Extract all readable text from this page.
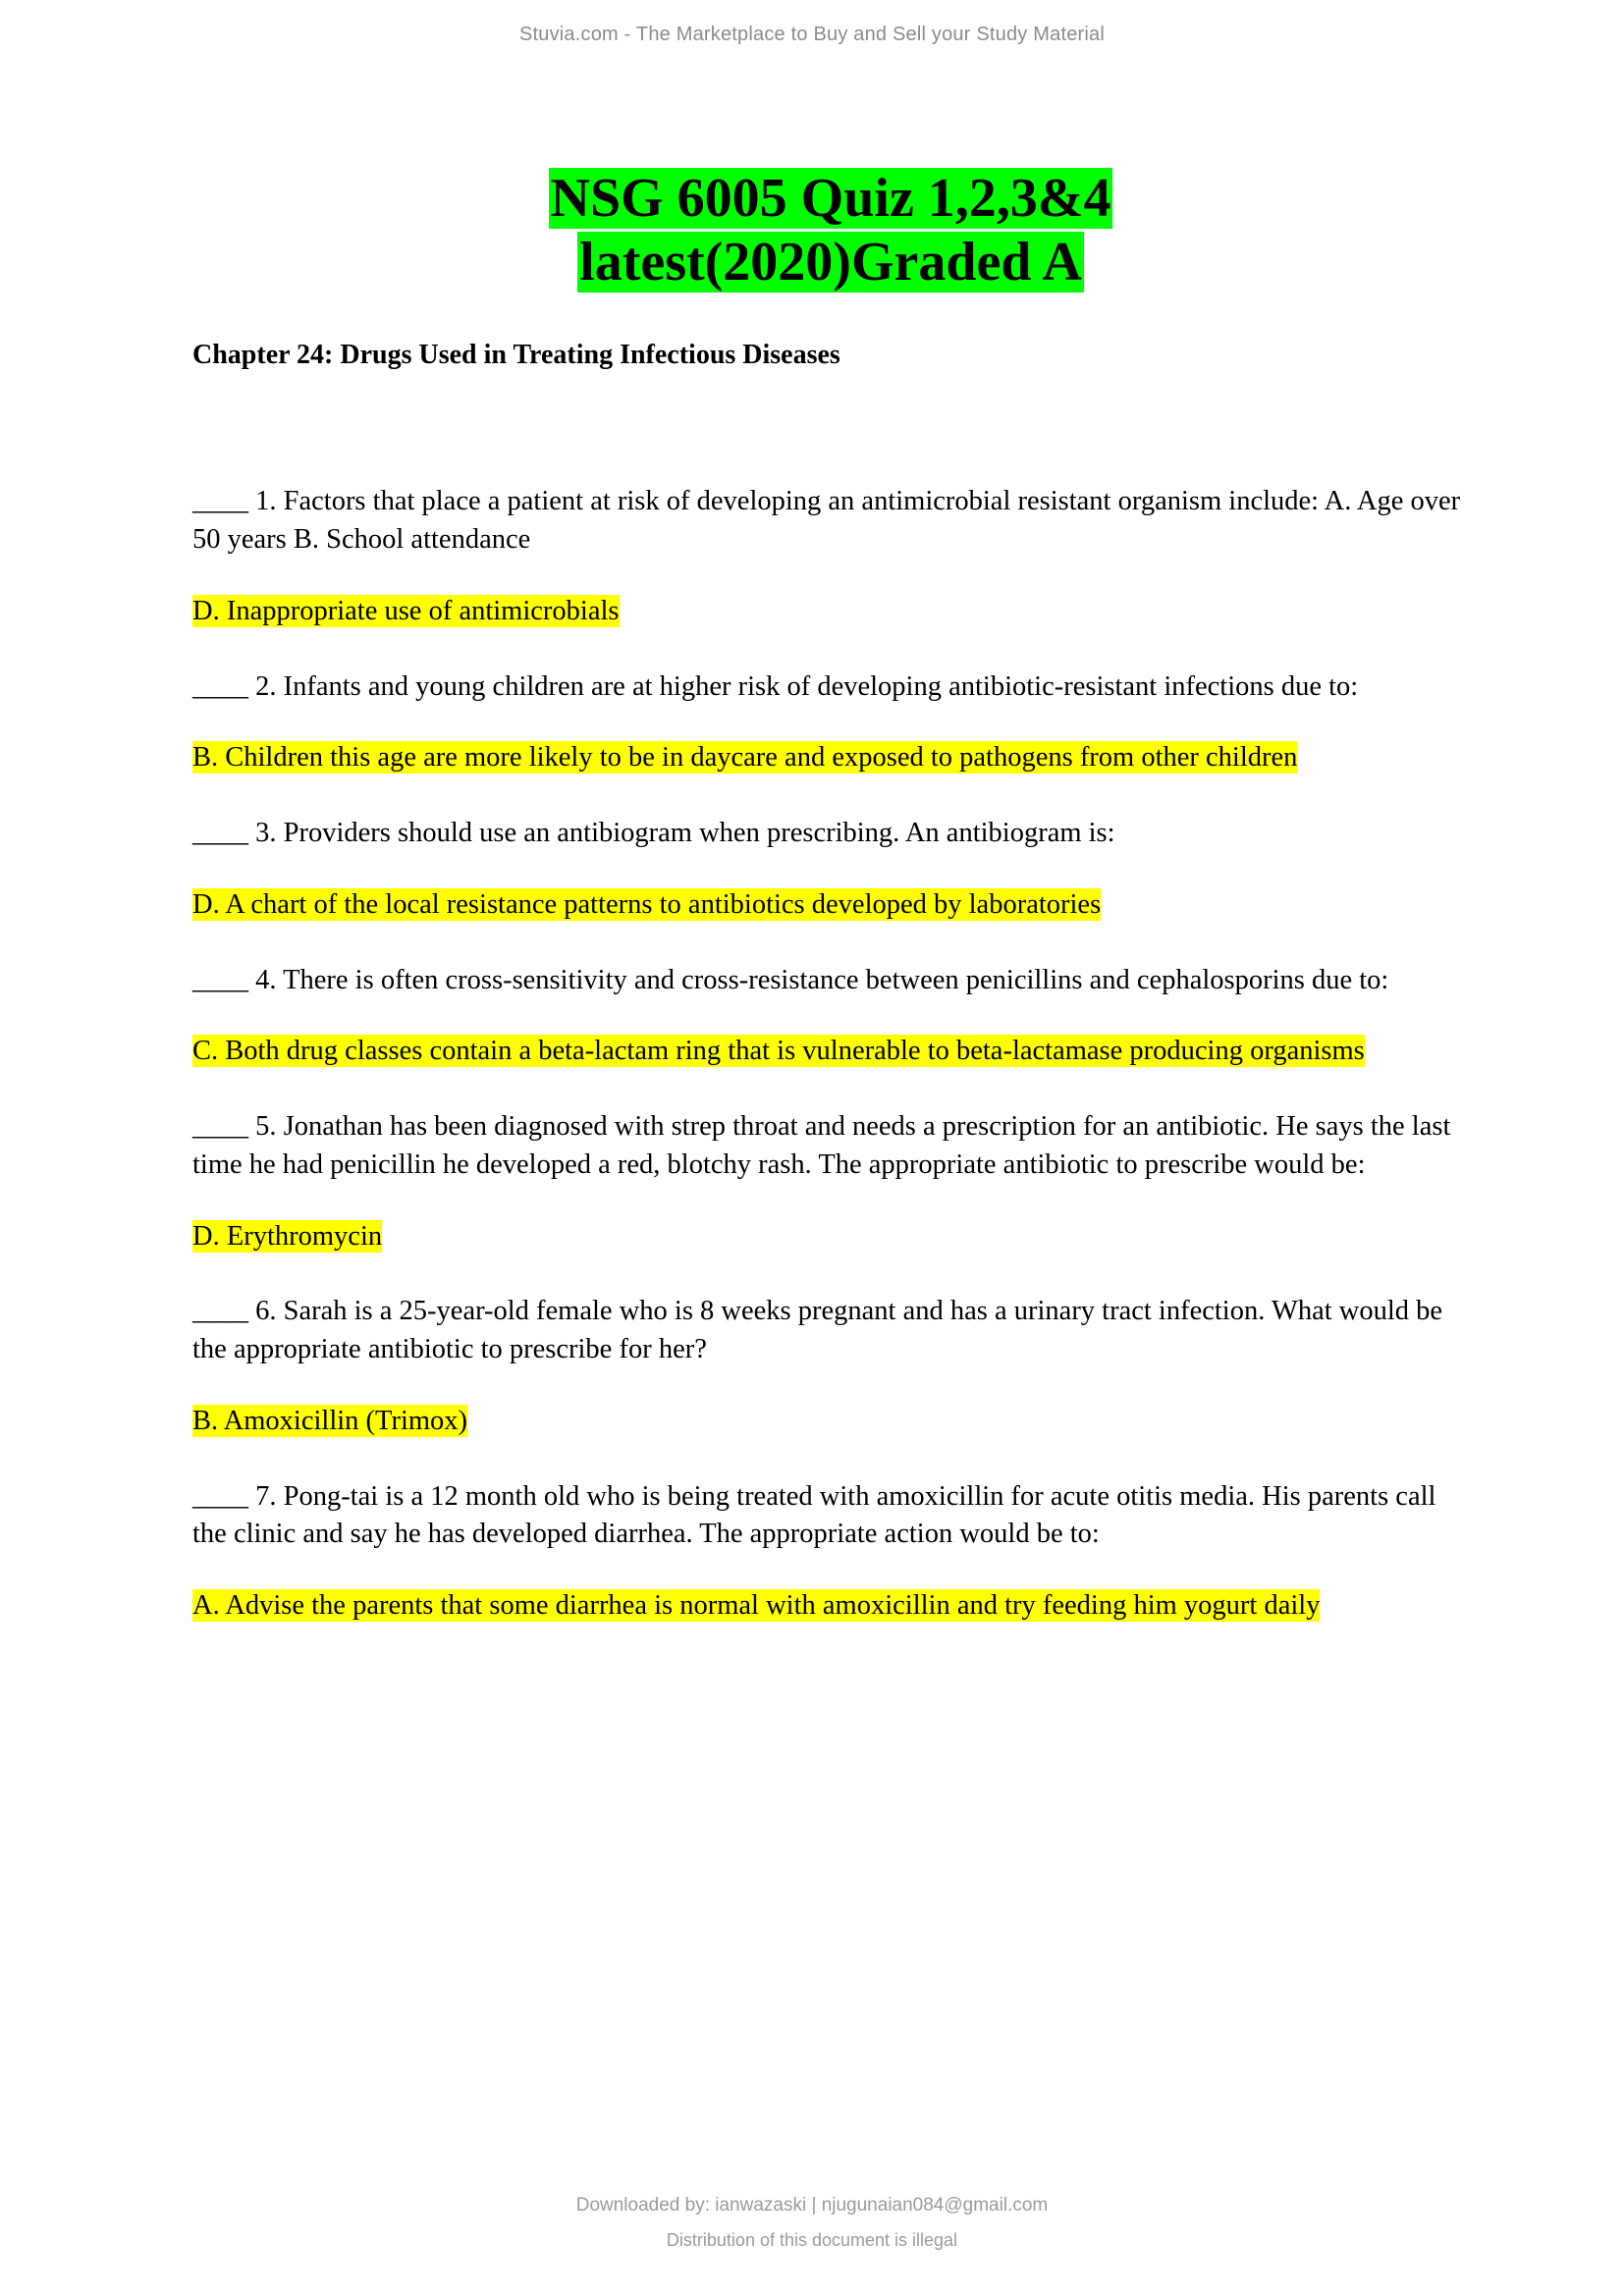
Stuvia.com - The Marketplace to Buy and Sell your Study Material
NSG 6005 Quiz 1,2,3&4
latest(2020)Graded A
Chapter 24: Drugs Used in Treating Infectious Diseases
____ 1. Factors that place a patient at risk of developing an antimicrobial resistant organism include: A. Age over 50 years B. School attendance
D. Inappropriate use of antimicrobials
____ 2. Infants and young children are at higher risk of developing antibiotic-resistant infections due to:
B. Children this age are more likely to be in daycare and exposed to pathogens from other children
____ 3. Providers should use an antibiogram when prescribing. An antibiogram is:
D. A chart of the local resistance patterns to antibiotics developed by laboratories
____ 4. There is often cross-sensitivity and cross-resistance between penicillins and cephalosporins due to:
C. Both drug classes contain a beta-lactam ring that is vulnerable to beta-lactamase producing organisms
____ 5. Jonathan has been diagnosed with strep throat and needs a prescription for an antibiotic. He says the last time he had penicillin he developed a red, blotchy rash. The appropriate antibiotic to prescribe would be:
D. Erythromycin
____ 6. Sarah is a 25-year-old female who is 8 weeks pregnant and has a urinary tract infection. What would be the appropriate antibiotic to prescribe for her?
B. Amoxicillin (Trimox)
____ 7. Pong-tai is a 12 month old who is being treated with amoxicillin for acute otitis media. His parents call the clinic and say he has developed diarrhea. The appropriate action would be to:
A. Advise the parents that some diarrhea is normal with amoxicillin and try feeding him yogurt daily
Downloaded by: ianwazaski | njugunaian084@gmail.com
Distribution of this document is illegal
